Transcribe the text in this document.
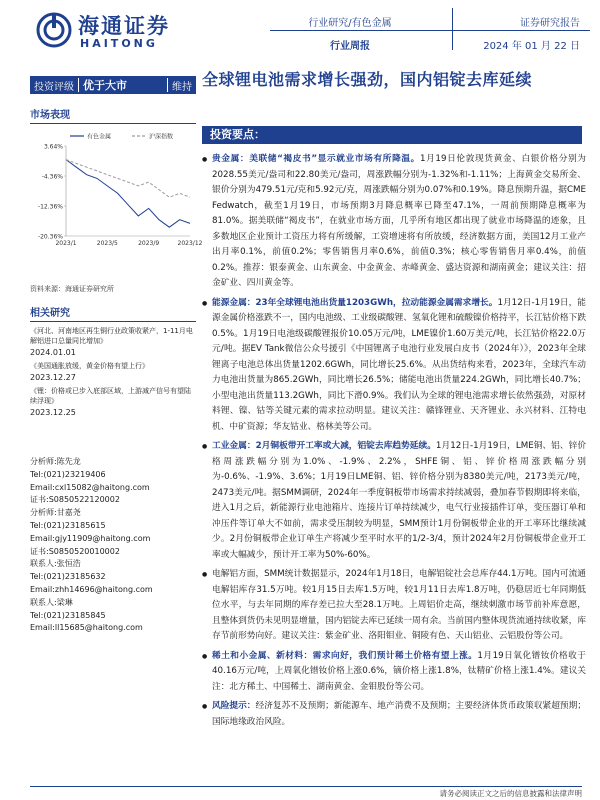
海通证券
HAITONG
行业研究/有色金属
行业周报
证券研究报告
2024 年 01 月 22 日
投资评级 优于大市	维持 全球锂电池需求增长强劲，国内铝锭去库延续
市场表现
3.64%
-4.36%
-12.36%
-20.36%
2023/1	2023/5	2023/9	2023/12
有色金属	沪深指数
资料来源：海通证券研究所
相关研究
《河北、河南地区再生铜行业政策收紧产，1-11月电解铝进口总量同比增加》
2024.01.01
《美国通胀放缓，黄金价格有望上行》
2023.12.27
《锂：价格或已步入底部区域，上游减产信号有望陆续浮现》
2023.12.25
分析师:陈先龙
Tel:(021)23219406
Email:cxl15082@haitong.com
证书:S0850522120002
分析师:甘嘉尧
Tel:(021)23185615
Email:gjy11909@haitong.com
证书:S0850520010002
联系人:张恒浩
Tel:(021)23185632
Email:zhh14696@haitong.com
联系人:梁琳
Tel:(021)23185845
Email:ll15685@haitong.com
投资要点：
● 贵金属：美联储“褐皮书”显示就业市场有所降温。1月19日伦敦现货黄金、白银价格分别为2028.55美元/盎司和22.80美元/盎司，周涨跌幅分别为-1.32%和-1.11%；上海黄金交易所金、银价分别为479.51元/克和5.92元/克，周涨跌幅分别为0.07%和0.19%。降息预期升温，据CME Fedwatch，截至1月19日，市场预期3月降息概率已降至47.1%，一周前预期降息概率为81.0%。据美联储“褐皮书”，在就业市场方面，几乎所有地区都出现了就业市场降温的迹象，且多数地区企业预计工资压力将有所缓解，工资增速将有所放缓，经济数据方面，美国12月工业产出月率0.1%，前值0.2%；零售销售月率0.6%，前值0.3%；核心零售销售月率0.4%，前值0.2%。推荐：银泰黄金、山东黄金、中金黄金、赤峰黄金、盛达资源和湖南黄金；建议关注：招金矿业、四川黄金等。
● 能源金属：23年全球锂电池出货量1203GWh，拉动能源金属需求增长。1月12日-1月19日，能源金属价格涨跌不一，国内电池级、工业级碳酸锂、氢氧化锂和硫酸镍价格持平，长江钴价格下跌0.5%。1月19日电池级碳酸锂报价10.05万元/吨，LME镍价1.60万美元/吨，长江钴价格22.0万元/吨。据EV Tank微信公众号援引《中国锂离子电池行业发展白皮书（2024年）》，2023年全球锂离子电池总体出货量1202.6GWh，同比增长25.6%。从出货结构来看，2023年，全球汽车动力电池出货量为865.2GWh，同比增长26.5%；储能电池出货量224.2GWh，同比增长40.7%；小型电池出货量113.2GWh，同比下滑0.9%。我们认为全球的锂电池需求增长依然强劲，对原材料锂、镍、钴等关键元素的需求拉动明显。建议关注：赣锋锂业、天齐锂业、永兴材料、江特电机、中矿资源；华友钴业、格林美等公司。
● 工业金属：2月铜板带开工率或大减，铝锭去库趋势延续。1月12日-1月19日，LME铜、铝、锌价格周涨跌幅分别为1.0%、-1.9%、2.2%，SHFE铜、铝、锌价格周涨跌幅分别为-0.6%、-1.9%、3.6%；1月19日LME铜、铝、锌价格分别为8380美元/吨，2173美元/吨，2473美元/吨。据SMM调研，2024年一季度铜板带市场需求持续减弱，叠加春节假期即将来临，进入1月之后，新能源行业电池箱片、连接片订单持续减少，电气行业接插件订单，变压器订单和冲压件等订单大不如前，需求受压制较为明显，SMM预计1月份铜板带企业的开工率环比继续减少。2月份铜板带企业订单生产将减少至平时水平的1/2-3/4，预计2024年2月份铜板带企业开工率或大幅减少，预计开工率为50%-60%。
● 电解铝方面，SMM统计数据显示，2024年1月18日，电解铝锭社会总库存44.1万吨。国内可流通电解铝库存31.5万吨。较1月15日去库1.5万吨，较1月11日去库1.8万吨，仍稳居近七年同期低位水平，与去年同期的库存差已拉大至28.1万吨。上周铝价走高，继续刺激市场节前补库意愿，且整体到货仍未见明显增量，国内铝锭去库已延续一周有余。当前国内整体现货流通持续收紧，库存节前形势向好。建议关注：紫金矿业、洛阳钼业、铜陵有色、天山铝业、云铝股份等公司。
● 稀土和小金属、新材料：需求向好，我们预计稀土价格有望上涨。1月19日氧化镨钕价格收于40.16万元/吨，上周氧化镨钕价格上涨0.6%，镝价格上涨1.8%，钛精矿价格上涨1.4%。建议关注：北方稀土、中国稀土、湖南黄金、金钼股份等公司。
● 风险提示：经济复苏不及预期；新能源车、地产消费不及预期；主要经济体货币政策収紧超预期；国际地缘政治风险。
请务必阅读正文之后的信息披露和法律声明
